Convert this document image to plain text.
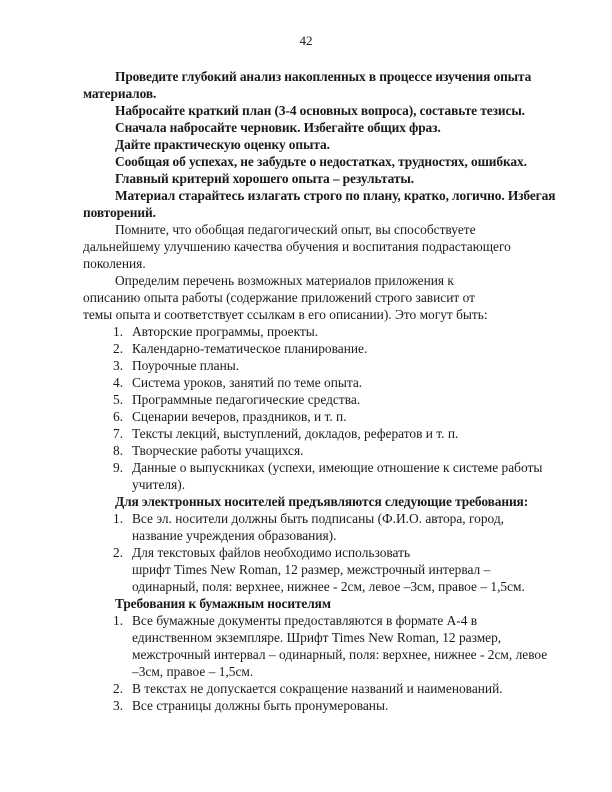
42
Проведите глубокий анализ накопленных в процессе изучения опыта
материалов.
Набросайте краткий план (3-4 основных вопроса), составьте тезисы.
Сначала набросайте черновик. Избегайте общих фраз.
Дайте практическую оценку опыта.
Сообщая об успехах, не забудьте о недостатках, трудностях, ошибках.
Главный критерий хорошего опыта – результаты.
Материал старайтесь излагать строго по плану, кратко, логично. Избегая
повторений.
Помните, что обобщая педагогический опыт, вы способствуете
дальнейшему улучшению качества обучения и воспитания подрастающего
поколения.
Определим перечень возможных материалов приложения к
описанию опыта работы (содержание приложений строго зависит от
темы опыта и соответствует ссылкам в его описании). Это могут быть:
1. Авторские программы, проекты.
2. Календарно-тематическое планирование.
3. Поурочные планы.
4. Система уроков, занятий по теме опыта.
5. Программные педагогические средства.
6. Сценарии вечеров, праздников, и т. п.
7. Тексты лекций, выступлений, докладов, рефератов и т. п.
8. Творческие работы учащихся.
9. Данные о выпускниках (успехи, имеющие отношение к системе работы
учителя).
Для электронных носителей предъявляются следующие требования:
1. Все эл. носители должны быть подписаны (Ф.И.О. автора, город,
название учреждения образования).
2. Для текстовых файлов необходимо использовать
шрифт Times New Roman, 12 размер, межстрочный интервал –
одинарный, поля: верхнее, нижнее - 2см, левое –3см, правое – 1,5см.
Требования к бумажным носителям
1. Все бумажные документы предоставляются в формате А-4 в
единственном экземпляре. Шрифт Times New Roman, 12 размер,
межстрочный интервал – одинарный, поля: верхнее, нижнее - 2см, левое
–3см, правое – 1,5см.
2. В текстах не допускается сокращение названий и наименований.
3. Все страницы должны быть пронумерованы.
